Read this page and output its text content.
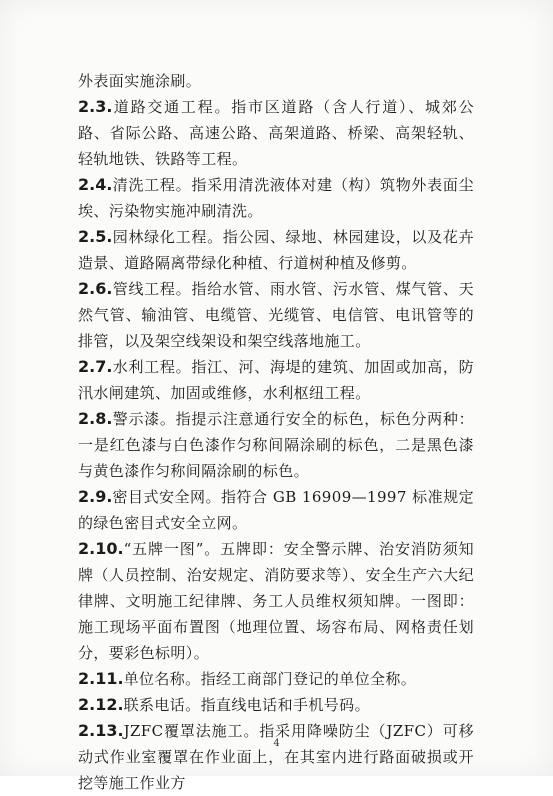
外表面实施涂刷。

2.3.道路交通工程。指市区道路（含人行道）、城郊公路、省际公路、高速公路、高架道路、桥梁、高架轻轨、轻轨地铁、铁路等工程。

2.4.清洗工程。指采用清洗液体对建（构）筑物外表面尘埃、污染物实施冲刷清洗。

2.5.园林绿化工程。指公园、绿地、林园建设，以及花卉造景、道路隔离带绿化种植、行道树种植及修剪。

2.6.管线工程。指给水管、雨水管、污水管、煤气管、天然气管、输油管、电缆管、光缆管、电信管、电讯管等的排管，以及架空线架设和架空线落地施工。

2.7.水利工程。指江、河、海堤的建筑、加固或加高，防汛水闸建筑、加固或维修，水利枢纽工程。

2.8.警示漆。指提示注意通行安全的标色，标色分两种：一是红色漆与白色漆作匀称间隔涂刷的标色，二是黑色漆与黄色漆作匀称间隔涂刷的标色。

2.9.密目式安全网。指符合 GB 16909—1997 标准规定的绿色密目式安全立网。

2.10.“五牌一图”。五牌即：安全警示牌、治安消防须知牌（人员控制、治安规定、消防要求等）、安全生产六大纪律牌、文明施工纪律牌、务工人员维权须知牌。一图即：施工现场平面布置图（地理位置、场容布局、网格责任划分，要彩色标明）。

2.11.单位名称。指经工商部门登记的单位全称。

2.12.联系电话。指直线电话和手机号码。

2.13.JZFC覆罩法施工。指采用降噪防尘（JZFC）可移动式作业室覆罩在作业面上，在其室内进行路面破损或开挖等施工作业方

4
